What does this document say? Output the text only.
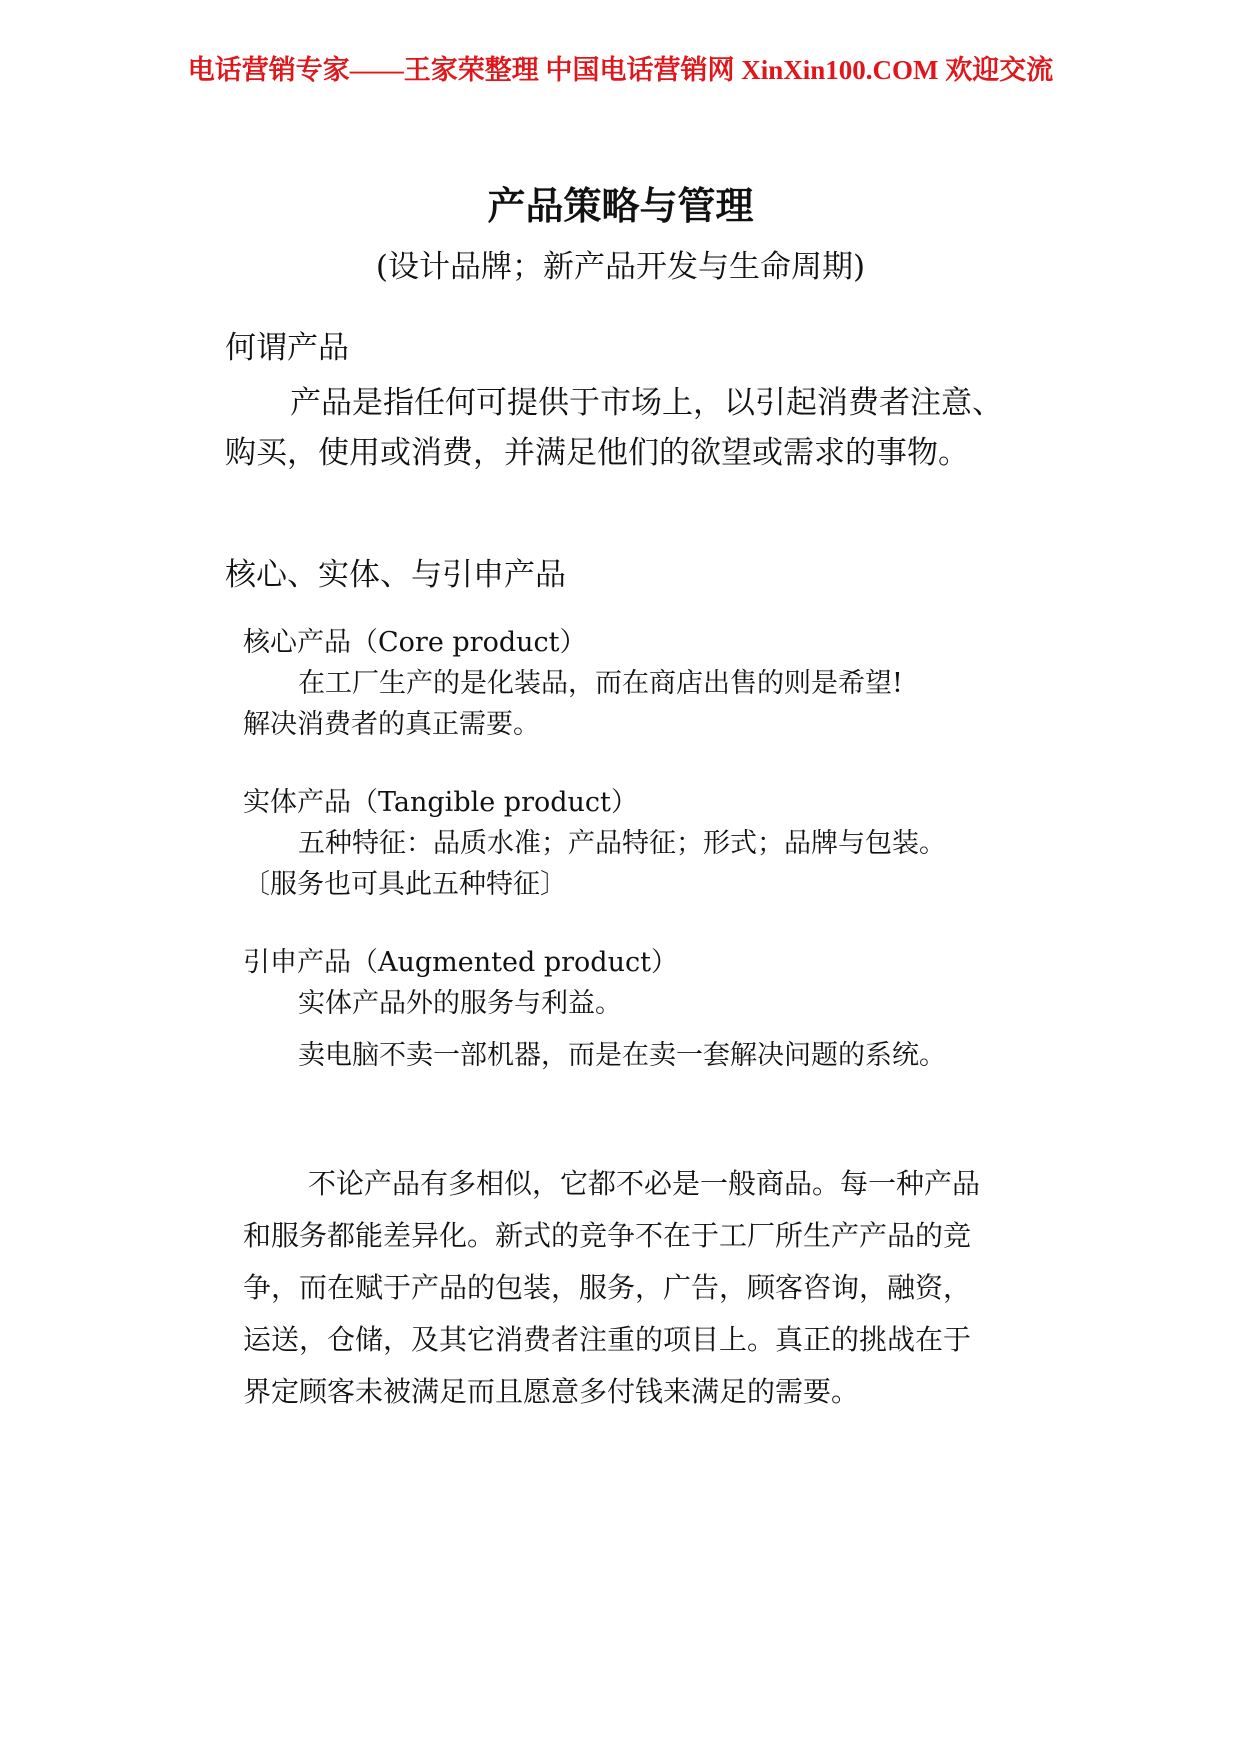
电话营销专家——王家荣整理 中国电话营销网 XinXin100.COM 欢迎交流
产品策略与管理
(设计品牌；新产品开发与生命周期)
何谓产品
产品是指任何可提供于市场上，以引起消费者注意、
购买，使用或消费，并满足他们的欲望或需求的事物。
核心、实体、与引申产品
核心产品（Core product）
在工厂生产的是化装品，而在商店出售的则是希望!
解决消费者的真正需要。
实体产品（Tangible product）
五种特征：品质水准；产品特征；形式；品牌与包装。
〔服务也可具此五种特征〕
引申产品（Augmented product）
实体产品外的服务与利益。
卖电脑不卖一部机器，而是在卖一套解决问题的系统。
不论产品有多相似，它都不必是一般商品。每一种产品
和服务都能差异化。新式的竞争不在于工厂所生产产品的竞
争，而在赋于产品的包装，服务，广告，顾客咨询，融资，
运送，仓储，及其它消费者注重的项目上。真正的挑战在于
界定顾客未被满足而且愿意多付钱来满足的需要。
